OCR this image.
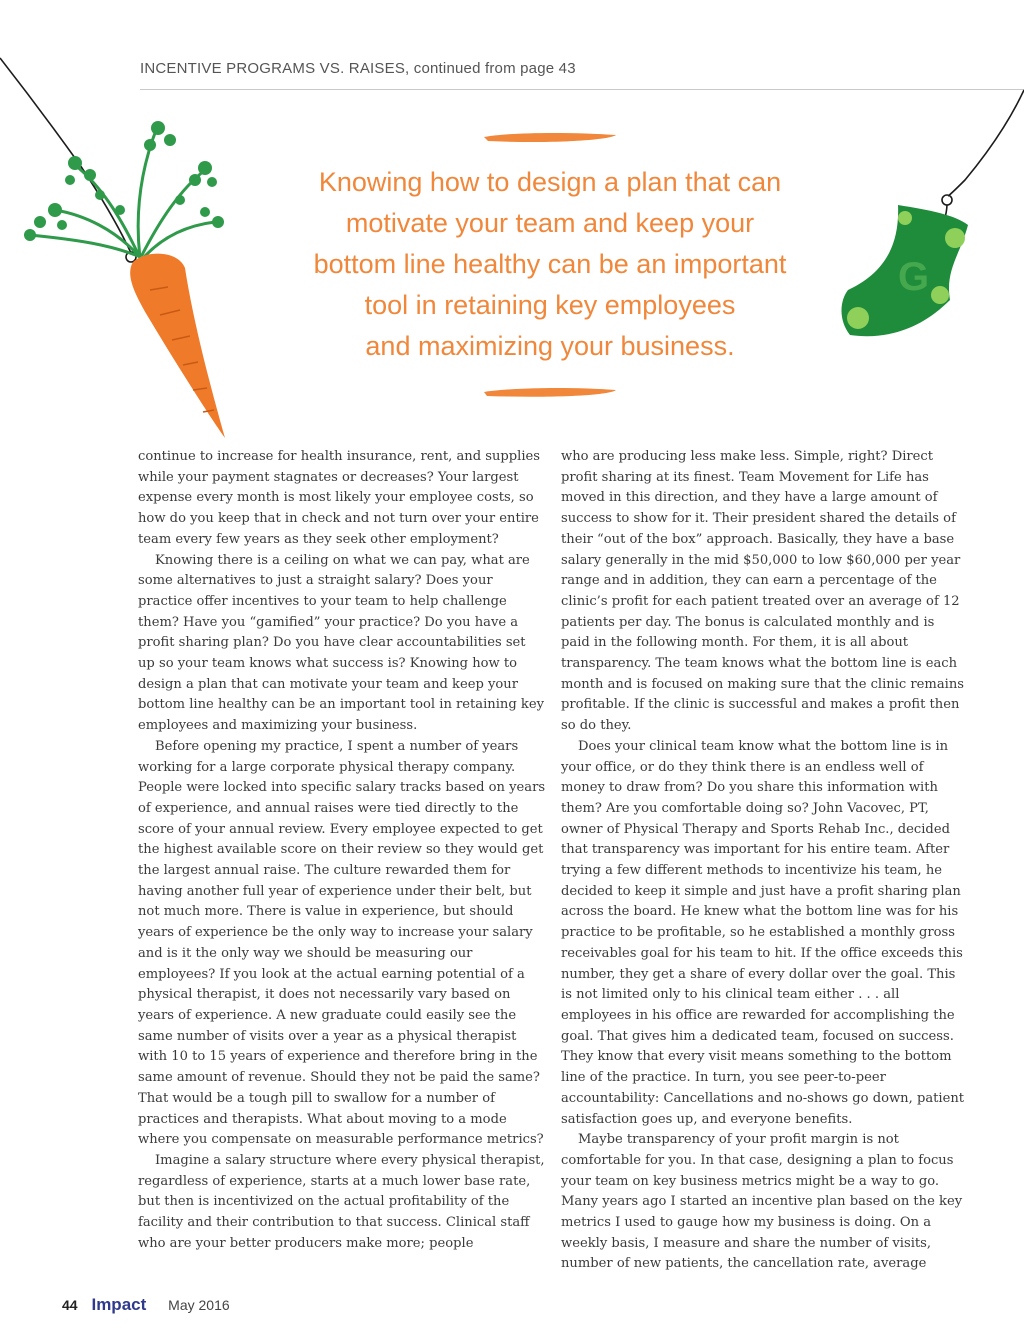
INCENTIVE PROGRAMS VS. RAISES, continued from page 43
G
Knowing how to design a plan that can
motivate your team and keep your
bottom line healthy can be an important
tool in retaining key employees
and maximizing your business.

continue to increase for health insurance, rent, and supplies while your payment stagnates or decreases? Your largest expense every month is most likely your employee costs, so how do you keep that in check and not turn over your entire team every few years as they seek other employment?

Knowing there is a ceiling on what we can pay, what are some alternatives to just a straight salary? Does your practice offer incentives to your team to help challenge them? Have you “gamified” your practice? Do you have a profit sharing plan? Do you have clear accountabilities set up so your team knows what success is? Knowing how to design a plan that can motivate your team and keep your bottom line healthy can be an important tool in retaining key employees and maximizing your business.

Before opening my practice, I spent a number of years working for a large corporate physical therapy company. People were locked into specific salary tracks based on years of experience, and annual raises were tied directly to the score of your annual review. Every employee expected to get the highest available score on their review so they would get the largest annual raise. The culture rewarded them for having another full year of experience under their belt, but not much more. There is value in experience, but should years of experience be the only way to increase your salary and is it the only way we should be measuring our employees? If you look at the actual earning potential of a physical therapist, it does not necessarily vary based on years of experience. A new graduate could easily see the same number of visits over a year as a physical therapist with 10 to 15 years of experience and therefore bring in the same amount of revenue. Should they not be paid the same? That would be a tough pill to swallow for a number of practices and therapists. What about moving to a mode where you compensate on measurable performance metrics?

Imagine a salary structure where every physical therapist, regardless of experience, starts at a much lower base rate, but then is incentivized on the actual profitability of the facility and their contribution to that success. Clinical staff who are your better producers make more; people

who are producing less make less. Simple, right? Direct profit sharing at its finest. Team Movement for Life has moved in this direction, and they have a large amount of success to show for it. Their president shared the details of their “out of the box” approach. Basically, they have a base salary generally in the mid $50,000 to low $60,000 per year range and in addition, they can earn a percentage of the clinic’s profit for each patient treated over an average of 12 patients per day. The bonus is calculated monthly and is paid in the following month. For them, it is all about transparency. The team knows what the bottom line is each month and is focused on making sure that the clinic remains profitable. If the clinic is successful and makes a profit then so do they.

Does your clinical team know what the bottom line is in your office, or do they think there is an endless well of money to draw from? Do you share this information with them? Are you comfortable doing so? John Vacovec, PT, owner of Physical Therapy and Sports Rehab Inc., decided that transparency was important for his entire team. After trying a few different methods to incentivize his team, he decided to keep it simple and just have a profit sharing plan across the board. He knew what the bottom line was for his practice to be profitable, so he established a monthly gross receivables goal for his team to hit. If the office exceeds this number, they get a share of every dollar over the goal. This is not limited only to his clinical team either . . . all employees in his office are rewarded for accomplishing the goal. That gives him a dedicated team, focused on success. They know that every visit means something to the bottom line of the practice. In turn, you see peer-to-peer accountability: Cancellations and no-shows go down, patient satisfaction goes up, and everyone benefits.

Maybe transparency of your profit margin is not comfortable for you. In that case, designing a plan to focus your team on key business metrics might be a way to go. Many years ago I started an incentive plan based on the key metrics I used to gauge how my business is doing. On a weekly basis, I measure and share the number of visits, number of new patients, the cancellation rate, average

44 Impact May 2016
